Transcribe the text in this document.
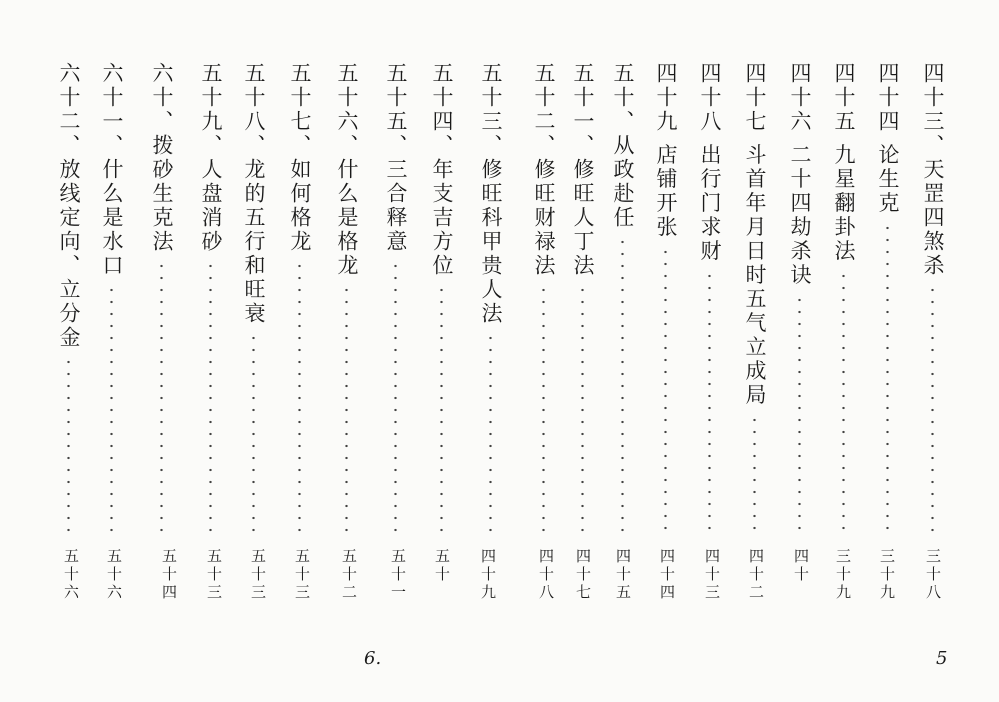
四十三、天罡四煞杀
三十八
四十四 论生克
三十九
四十五 九星翻卦法
三十九
四十六 二十四劫杀诀
四十
四十七 斗首年月日时五气立成局
四十二
四十八 出行门求财
四十三
四十九 店铺开张
四十四
五十、从政赴任
四十五
五十一、修旺人丁法
四十七
五十二、修旺财禄法
四十八
五十三、修旺科甲贵人法
四十九
五十四、年支吉方位
五十
五十五、三合释意
五十一
五十六、什么是格龙
五十二
五十七、如何格龙
五十三
五十八、龙的五行和旺衰
五十三
五十九、人盘消砂
五十三
六十、拨砂生克法
五十四
六十一、什么是水口
五十六
六十二、放线定向、立分金
五十六
5
6.
